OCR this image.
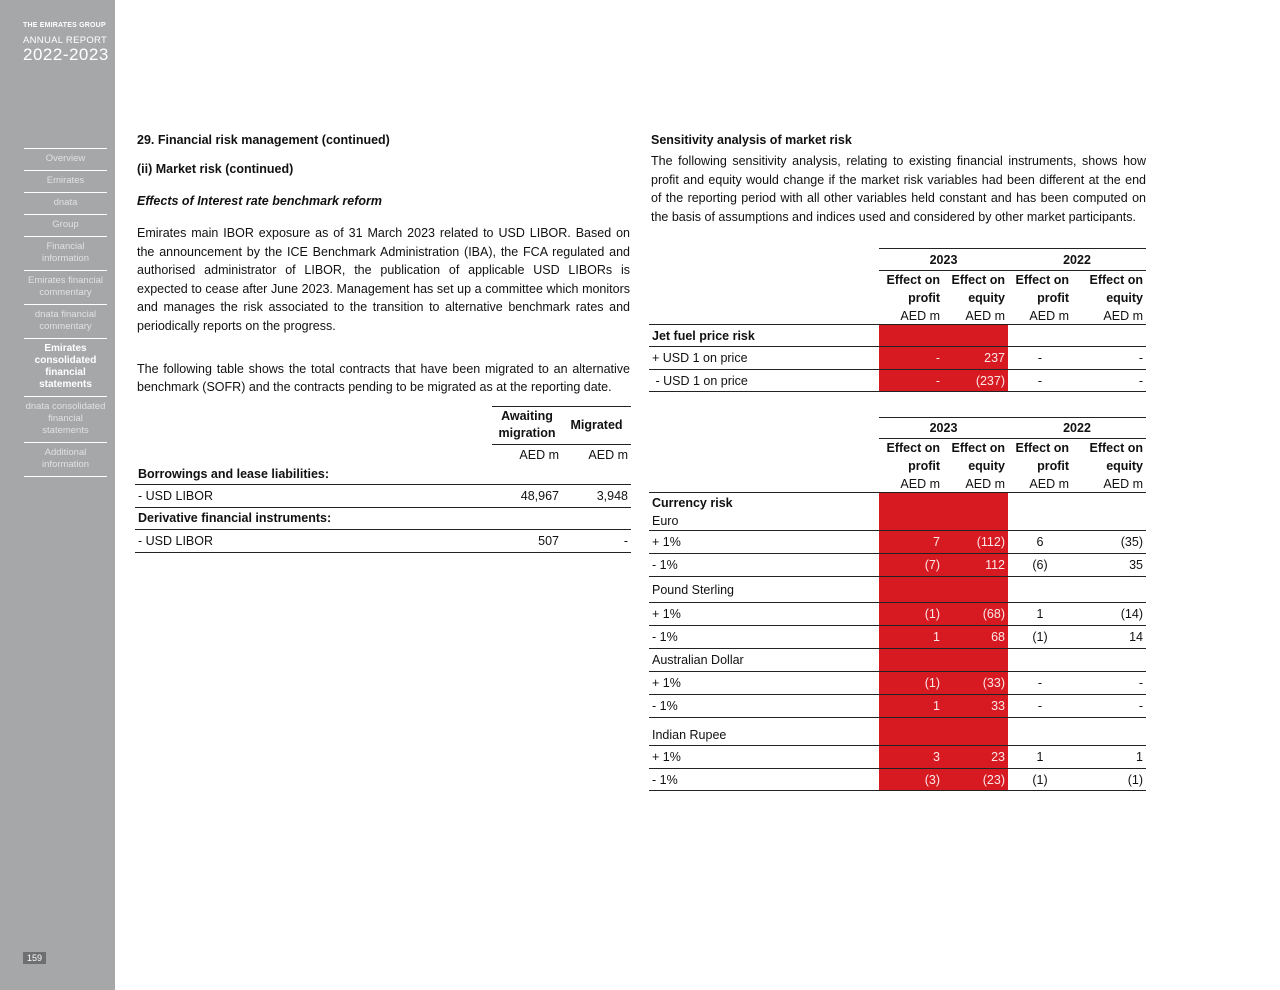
THE EMIRATES GROUP
ANNUAL REPORT
2022-2023
Overview
Emirates
dnata
Group
Financial information
Emirates financial commentary
dnata financial commentary
Emirates consolidated financial statements
dnata consolidated financial statements
Additional information
159
29. Financial risk management (continued)
(ii) Market risk (continued)
Effects of Interest rate benchmark reform
Emirates main IBOR exposure as of 31 March 2023 related to USD LIBOR. Based on the announcement by the ICE Benchmark Administration (IBA), the FCA regulated and authorised administrator of LIBOR, the publication of applicable USD LIBORs is expected to cease after June 2023. Management has set up a committee which monitors and manages the risk associated to the transition to alternative benchmark rates and periodically reports on the progress.
The following table shows the total contracts that have been migrated to an alternative benchmark (SOFR) and the contracts pending to be migrated as at the reporting date.
	Awaiting migration	Migrated
	AED m	AED m
Borrowings and lease liabilities:		
- USD LIBOR	48,967	3,948
Derivative financial instruments:		
- USD LIBOR	507	-
Sensitivity analysis of market risk
The following sensitivity analysis, relating to existing financial instruments, shows how profit and equity would change if the market risk variables had been different at the end of the reporting period with all other variables held constant and has been computed on the basis of assumptions and indices used and considered by other market participants.
	2023		2022	
	Effect on	Effect on	Effect on	Effect on
	profit	equity	profit	equity
	AED m	AED m	AED m	AED m
Jet fuel price risk				
+ USD 1 on price	-	237	-	-
- USD 1 on price	-	(237)	-	-
	2023		2022	
	Effect on	Effect on	Effect on	Effect on
	profit	equity	profit	equity
	AED m	AED m	AED m	AED m

Currency risk
Euro				

+ 1%	7	(112)	6	(35)
- 1%	(7)	112	(6)	35
Pound Sterling				
+ 1%	(1)	(68)	1	(14)
- 1%	1	68	(1)	14
Australian Dollar				
+ 1%	(1)	(33)	-	-
- 1%	1	33	-	-
Indian Rupee				
+ 1%	3	23	1	1
- 1%	(3)	(23)	(1)	(1)
